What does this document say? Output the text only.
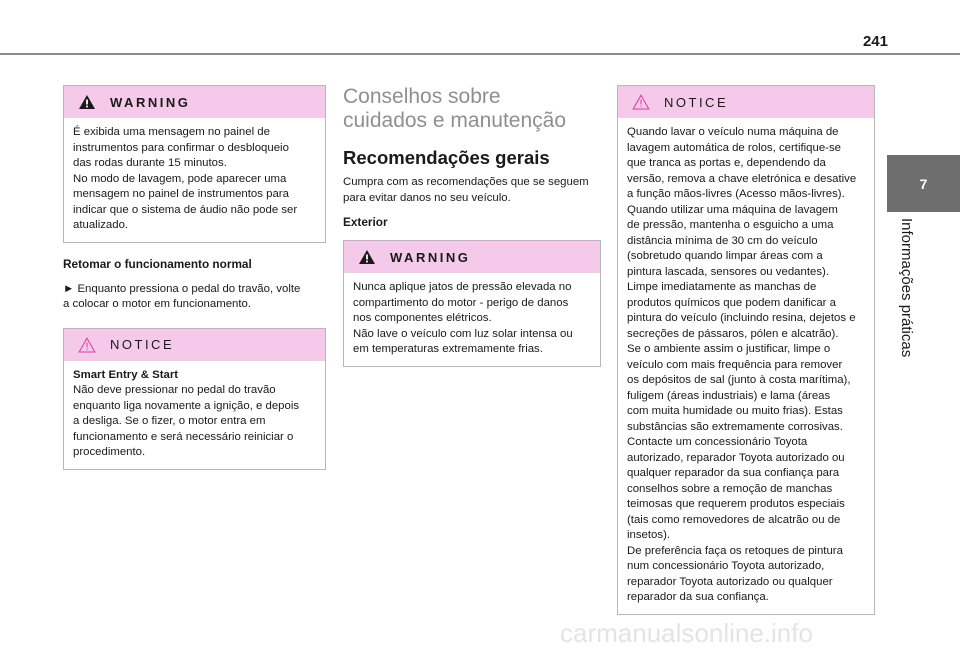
241
7
Informações práticas
WARNING

É exibida uma mensagem no painel de

instrumentos para confirmar o desbloqueio

das rodas durante 15 minutos.

No modo de lavagem, pode aparecer uma

mensagem no painel de instrumentos para

indicar que o sistema de áudio não pode ser

atualizado.

Retomar o funcionamento normal

► Enquanto pressiona o pedal do travão, volte

a colocar o motor em funcionamento.

NOTICE

Smart Entry & Start

Não deve pressionar no pedal do travão

enquanto liga novamente a ignição, e depois

a desliga. Se o fizer, o motor entra em

funcionamento e será necessário reiniciar o

procedimento.

Conselhos sobre

cuidados e manutenção

Recomendações gerais

Cumpra com as recomendações que se seguem

para evitar danos no seu veículo.

Exterior

WARNING

Nunca aplique jatos de pressão elevada no

compartimento do motor - perigo de danos

nos componentes elétricos.

Não lave o veículo com luz solar intensa ou

em temperaturas extremamente frias.

NOTICE

Quando lavar o veículo numa máquina de

lavagem automática de rolos, certifique-se

que tranca as portas e, dependendo da

versão, remova a chave eletrónica e desative

a função mãos-livres (Acesso mãos-livres).

Quando utilizar uma máquina de lavagem

de pressão, mantenha o esguicho a uma

distância mínima de 30 cm do veículo

(sobretudo quando limpar áreas com a

pintura lascada, sensores ou vedantes).

Limpe imediatamente as manchas de

produtos químicos que podem danificar a

pintura do veículo (incluindo resina, dejetos e

secreções de pássaros, pólen e alcatrão).

Se o ambiente assim o justificar, limpe o

veículo com mais frequência para remover

os depósitos de sal (junto à costa marítima),

fuligem (áreas industriais) e lama (áreas

com muita humidade ou muito frias). Estas

substâncias são extremamente corrosivas.

Contacte um concessionário Toyota

autorizado, reparador Toyota autorizado ou

qualquer reparador da sua confiança para

conselhos sobre a remoção de manchas

teimosas que requerem produtos especiais

(tais como removedores de alcatrão ou de

insetos).

De preferência faça os retoques de pintura

num concessionário Toyota autorizado,

reparador Toyota autorizado ou qualquer

reparador da sua confiança.

carmanualsonline.info
